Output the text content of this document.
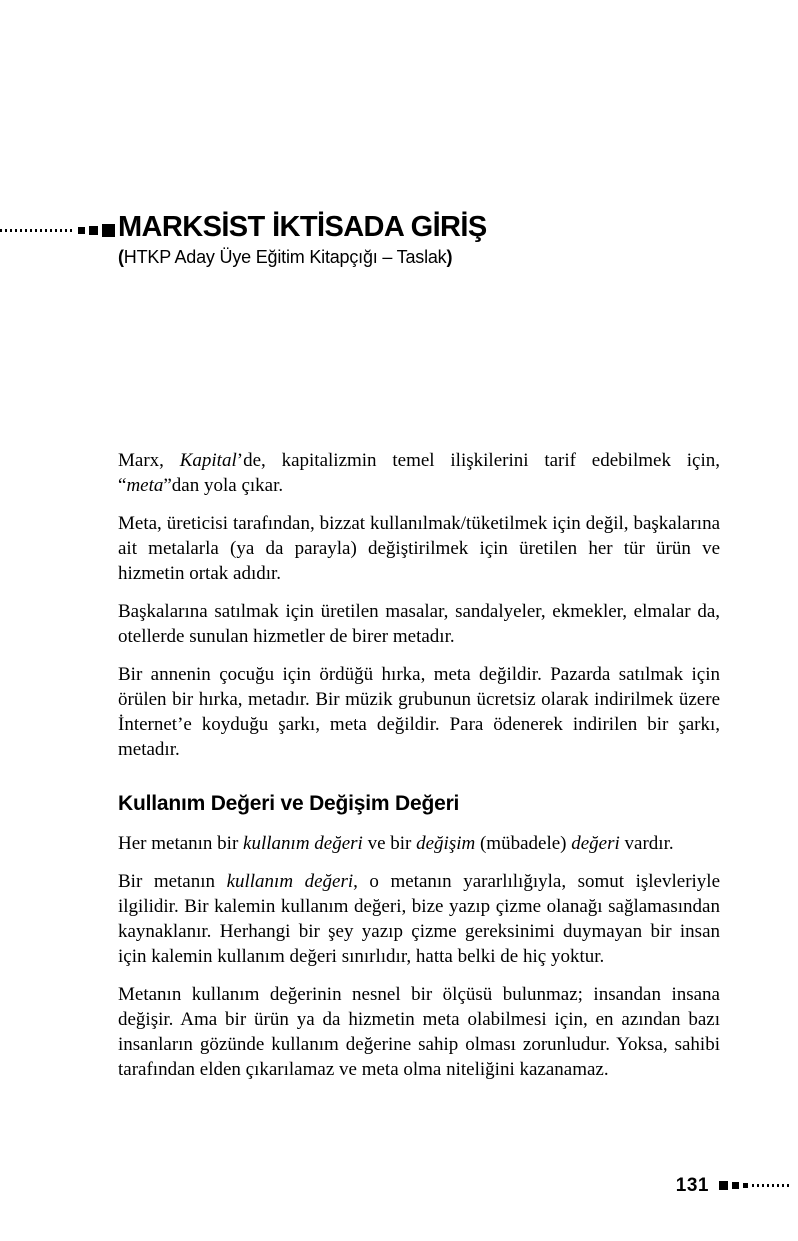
MARKSİST İKTİSADA GİRİŞ

(HTKP Aday Üye Eğitim Kitapçığı – Taslak)

Marx, Kapital’de, kapitalizmin temel ilişkilerini tarif edebilmek için, “meta”dan yola çıkar.

Meta, üreticisi tarafından, bizzat kullanılmak/tüketilmek için değil, başkalarına ait metalarla (ya da parayla) değiştirilmek için üretilen her tür ürün ve hizmetin ortak adıdır.

Başkalarına satılmak için üretilen masalar, sandalyeler, ekmekler, elmalar da, otellerde sunulan hizmetler de birer metadır.

Bir annenin çocuğu için ördüğü hırka, meta değildir. Pazarda satılmak için örülen bir hırka, metadır. Bir müzik grubunun ücretsiz olarak indirilmek üzere İnternet’e koyduğu şarkı, meta değildir. Para ödenerek indirilen bir şarkı, metadır.

Kullanım Değeri ve Değişim Değeri

Her metanın bir kullanım değeri ve bir değişim (mübadele) değeri vardır.

Bir metanın kullanım değeri, o metanın yararlılığıyla, somut işlevleriyle ilgilidir. Bir kalemin kullanım değeri, bize yazıp çizme olanağı sağlamasından kaynaklanır. Herhangi bir şey yazıp çizme gereksinimi duymayan bir insan için kalemin kullanım değeri sınırlıdır, hatta belki de hiç yoktur.

Metanın kullanım değerinin nesnel bir ölçüsü bulunmaz; insandan insana değişir. Ama bir ürün ya da hizmetin meta olabilmesi için, en azından bazı insanların gözünde kullanım değerine sahip olması zorunludur. Yoksa, sahibi tarafından elden çıkarılamaz ve meta olma niteliğini kazanamaz.

131
